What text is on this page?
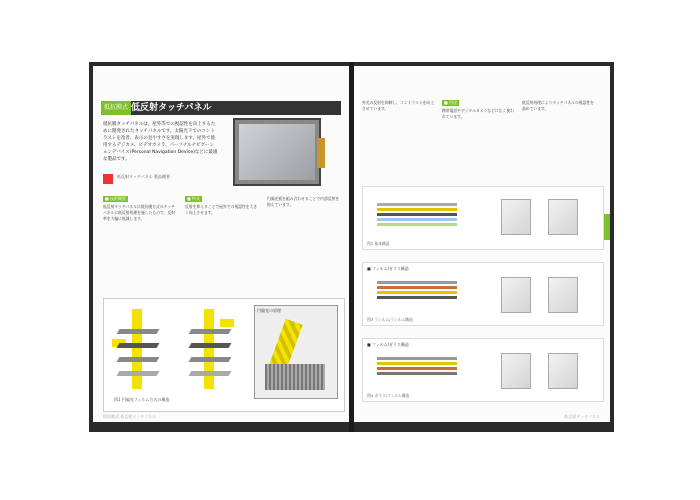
抵抗膜式 低反射タッチパネル
抵抗膜タッチパネルは、屋外等での視認性を向上するために開発されたタッチパネルです。太陽光下でのコントラストを改善、表示の見やすさを実現します。屋外で使用するデジカメ、ビデオカメラ、パーソナルナビゲーションデバイス(Personal Navigation Device)などに最適な製品です。
低反射タッチパネル 製品概要
■ 技術概要
低反射タッチパネルは抵抗膜方式のタッチパネルに低反射処理を施したもので、反射率を大幅に低減します。
■ 特長
反射を抑えることで屋外での視認性を大きく向上させます。
円偏光板を組み合わせることで内部反射を抑えています。
円偏光の原理
図1 円偏光フィルム方式の構造
抵抗膜式 低反射タッチパネル
外光の反射を抑制し、コントラストを向上させています。
■ 用途
携帯電話やデジタルカメラなどに広く使われています。
低反射処理によりタッチパネルの視認性を高めています。
図2 基本構造
■ フィルム/ガラス構造
図3 フィルム/フィルム構造
■ フィルム/ガラス構造
図4 ガラス/フィルム構造
低反射タッチパネル
